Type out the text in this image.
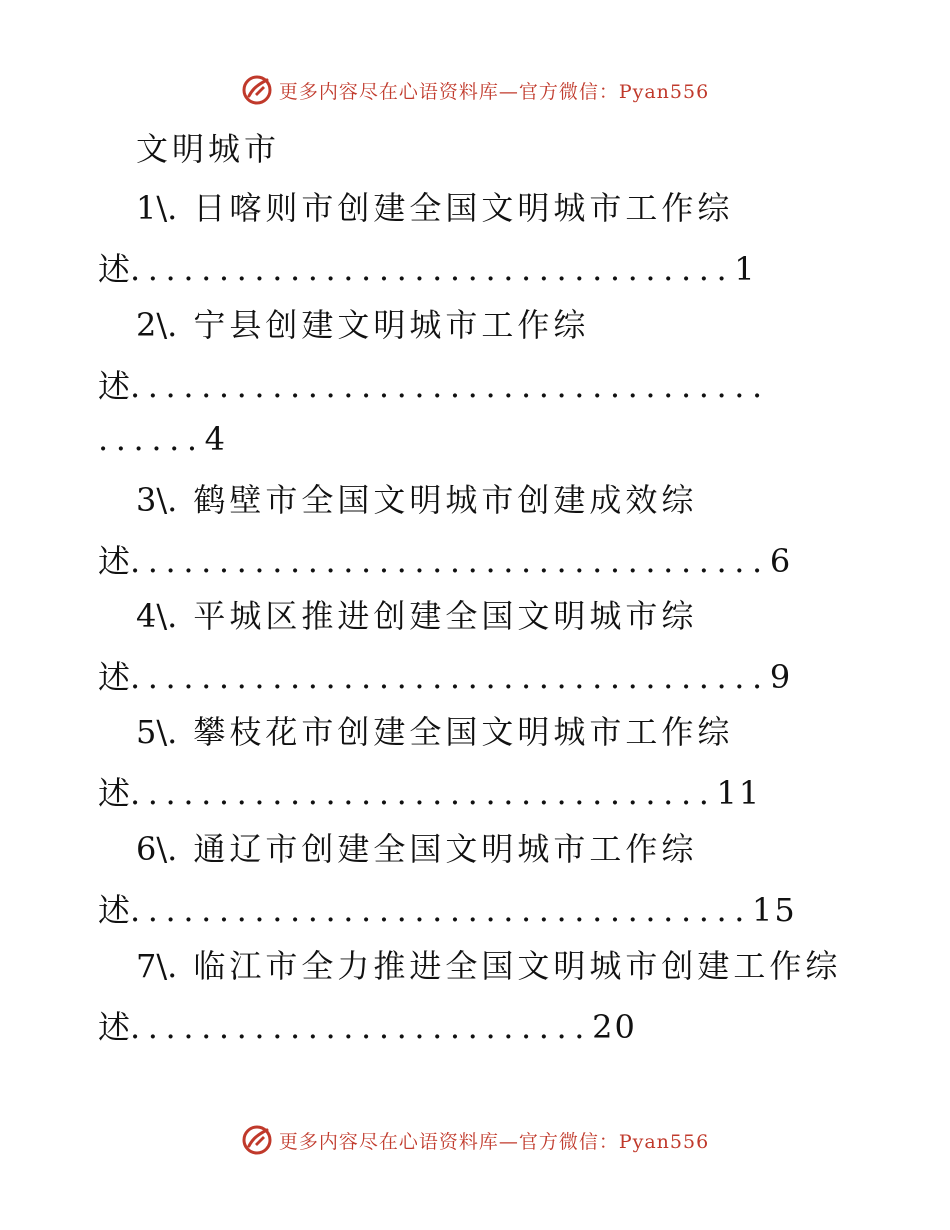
更多内容尽在心语资料库—官方微信：Pyan556
文明城市
1\. 日喀则市创建全国文明城市工作综
述..................................1
2\. 宁县创建文明城市工作综
述....................................
......4
3\. 鹤壁市全国文明城市创建成效综
述....................................6
4\. 平城区推进创建全国文明城市综
述....................................9
5\. 攀枝花市创建全国文明城市工作综
述.................................11
6\. 通辽市创建全国文明城市工作综
述...................................15
7\. 临江市全力推进全国文明城市创建工作综
述..........................20
更多内容尽在心语资料库—官方微信：Pyan556
